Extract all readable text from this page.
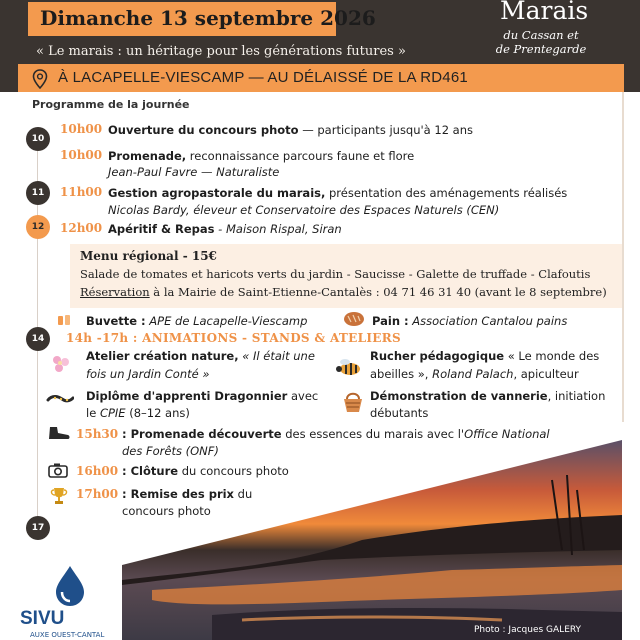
Dimanche 13 septembre 2026
« Le marais : un héritage pour les générations futures »
Marais
du Cassan et
de Prentegarde
À LACAPELLE-VIESCAMP — AU DÉLAISSÉ DE LA RD461
Programme de la journée
10
11
12
14
17
10h00 Ouverture du concours photo — participants jusqu'à 12 ans
10h00 Promenade, reconnaissance parcours faune et flore
Jean-Paul Favre — Naturaliste
11h00 Gestion agropastorale du marais, présentation des aménagements réalisés
Nicolas Bardy, éleveur et Conservatoire des Espaces Naturels (CEN)
12h00 Apéritif & Repas - Maison Rispal, Siran
Menu régional - 15€
Salade de tomates et haricots verts du jardin - Saucisse - Galette de truffade - Clafoutis
Réservation à la Mairie de Saint-Etienne-Cantalès : 04 71 46 31 40 (avant le 8 septembre)
Buvette : APE de Lacapelle-Viescamp	Pain : Association Cantalou pains
14h -17h : ANIMATIONS - STANDS & ATELIERS
Atelier création nature, « Il était une
fois un Jardin Conté »
Rucher pédagogique « Le monde des
abeilles », Roland Palach, apiculteur
Diplôme d'apprenti Dragonnier avec
le CPIE (8–12 ans)
Démonstration de vannerie, initiation
débutants
15h30 : Promenade découverte des essences du marais avec l'Office National
des Forêts (ONF)
Photo : Jacques GALERY
16h00 : Clôture du concours photo
17h00 : Remise des prix du
concours photo
SIVU
AUXE OUEST-CANTAL
